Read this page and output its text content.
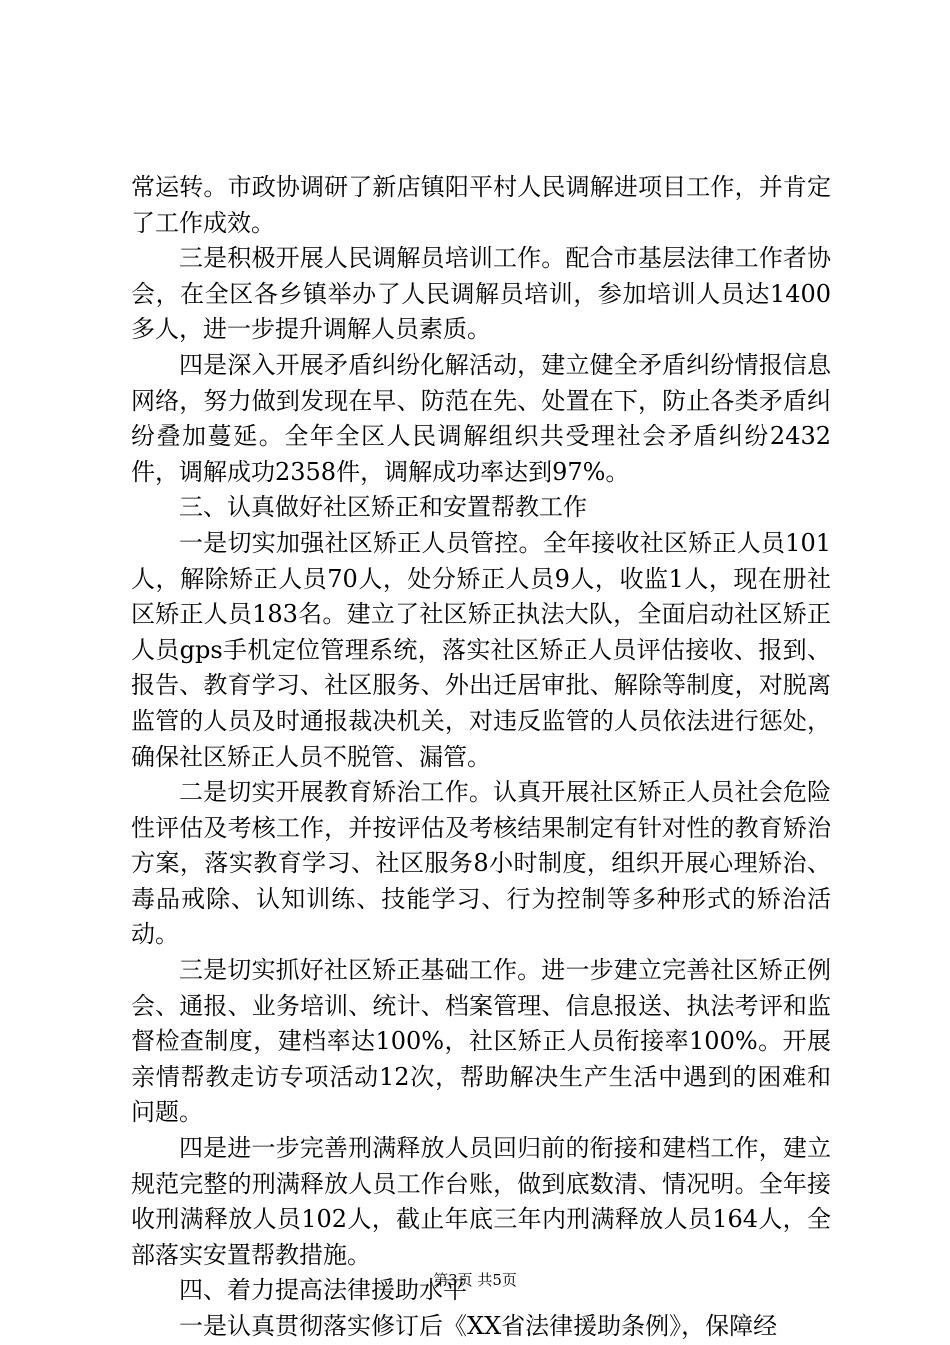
常运转。市政协调研了新店镇阳平村人民调解进项目工作，并肯定了工作成效。

三是积极开展人民调解员培训工作。配合市基层法律工作者协会，在全区各乡镇举办了人民调解员培训，参加培训人员达1400多人，进一步提升调解人员素质。

四是深入开展矛盾纠纷化解活动，建立健全矛盾纠纷情报信息网络，努力做到发现在早、防范在先、处置在下，防止各类矛盾纠纷叠加蔓延。全年全区人民调解组织共受理社会矛盾纠纷2432件，调解成功2358件，调解成功率达到97%。

三、认真做好社区矫正和安置帮教工作

一是切实加强社区矫正人员管控。全年接收社区矫正人员101人，解除矫正人员70人，处分矫正人员9人，收监1人，现在册社区矫正人员183名。建立了社区矫正执法大队，全面启动社区矫正人员gps手机定位管理系统，落实社区矫正人员评估接收、报到、报告、教育学习、社区服务、外出迁居审批、解除等制度，对脱离监管的人员及时通报裁决机关，对违反监管的人员依法进行惩处，确保社区矫正人员不脱管、漏管。

二是切实开展教育矫治工作。认真开展社区矫正人员社会危险性评估及考核工作，并按评估及考核结果制定有针对性的教育矫治方案，落实教育学习、社区服务8小时制度，组织开展心理矫治、毒品戒除、认知训练、技能学习、行为控制等多种形式的矫治活动。

三是切实抓好社区矫正基础工作。进一步建立完善社区矫正例会、通报、业务培训、统计、档案管理、信息报送、执法考评和监督检查制度，建档率达100%，社区矫正人员衔接率100%。开展亲情帮教走访专项活动12次，帮助解决生产生活中遇到的困难和问题。

四是进一步完善刑满释放人员回归前的衔接和建档工作，建立规范完整的刑满释放人员工作台账，做到底数清、情况明。全年接收刑满释放人员102人，截止年底三年内刑满释放人员164人，全部落实安置帮教措施。

四、着力提高法律援助水平

一是认真贯彻落实修订后《XX省法律援助条例》，保障经

第3页 共5页
